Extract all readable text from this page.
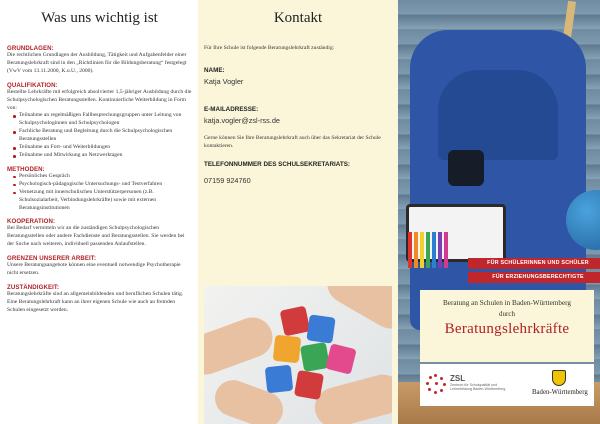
Was uns wichtig ist
GRUNDLAGEN:
Die rechtlichen Grundlagen der Ausbildung, Tätigkeit und Aufgabenfelder einer Beratungslehrkraft sind in den „Richtlinien für die Bildungsberatung“ festgelegt (VwV vom 13.11.2000, K.u.U., 2000).
QUALIFIKATION:
Bestellte Lehrkräfte mit erfolgreich absolvierter 1,5-jähriger Ausbildung durch die Schulpsychologischen Beratungsstellen. Kontinuierliche Weiterbildung in Form von:
Teilnahme an regelmäßigen Fallbesprechungsgruppen unter Leitung von Schulpsychologinnen und Schulpsychologen
Fachliche Beratung und Begleitung durch die Schulpsychologischen Beratungsstellen
Teilnahme an Fort- und Weiterbildungen
Teilnahme und Mitwirkung an Netzwerktagen
METHODEN:
Persönliches Gespräch
Psychologisch-pädagogische Untersuchungs- und Testverfahren
Vernetzung mit innerschulischen Unterstützerpersonen (z.B. Schulsozialarbeit, Verbindungslehrkräfte) sowie mit externen Beratungsinstitutionen
KOOPERATION:
Bei Bedarf vermitteln wir an die zuständigen Schulpsychologischen Beratungsstellen oder andere Fachdienste und Beratungsstellen. Sie werden bei der Suche nach weiteren, individuell passenden Anlaufstellen.
GRENZEN UNSERER ARBEIT:
Unsere Beratungsangebote können eine eventuell notwendige Psychotherapie nicht ersetzen.
ZUSTÄNDIGKEIT:
Beratungslehrkräfte sind an allgemeinbildenden und beruflichen Schulen tätig. Eine Beratungslehrkraft kann an ihrer eigenen Schule wie auch an fremden Schulen eingesetzt werden.
Kontakt
Für Ihre Schule ist folgende Beratungslehrkraft zuständig:
NAME:
Katja Vogler
E-MAILADRESSE:
katja.vogler@zsl-rss.de
Gerne können Sie Ihre Beratungslehrkraft auch über das Sekretariat der Schule kontaktieren.
TELEFONNUMMER DES SCHULSEKRETARIATS:
07159 924760
FÜR SCHÜLERINNEN UND SCHÜLER
FÜR ERZIEHUNGSBERECHTIGTE
Beratung an Schulen in Baden-Württemberg
durch
Beratungslehrkräfte
ZSL
Zentrum für Schulqualität und Lehrerbildung Baden-Württemberg	Baden-Württemberg
